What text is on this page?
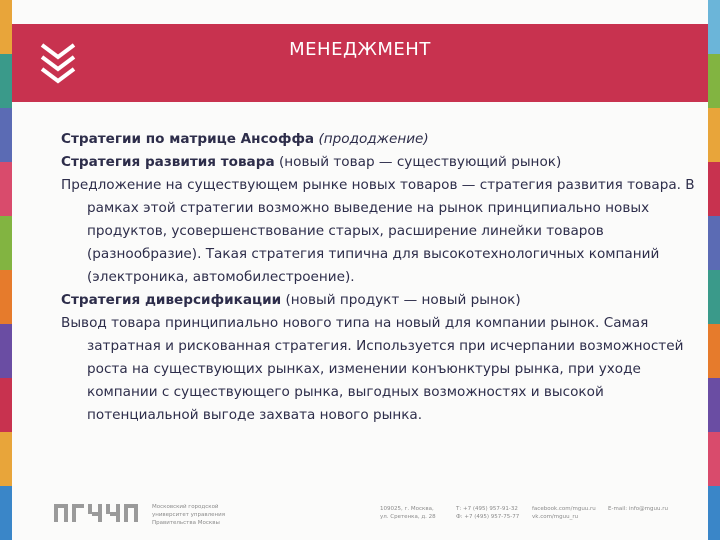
МЕНЕДЖМЕНТ

Стратегии по матрице Ансоффа (прододжение)

Стратегия развития товара (новый товар — существующий рынок)

Предложение на существующем рынке новых товаров — стратегия развития товара. В рамках этой стратегии возможно выведение на рынок принципиально новых продуктов, усовершенствование старых, расширение линейки товаров (разнообразие). Такая стратегия типична для высокотехнологичных компаний (электроника, автомобилестроение).

Стратегия диверсификации (новый продукт — новый рынок)

Вывод товара принципиально нового типа на новый для компании рынок. Самая затратная и рискованная стратегия. Используется при исчерпании возможностей роста на существующих рынках, изменении конъюнктуры рынка, при уходе компании с существующего рынка, выгодных возможностях и высокой потенциальной выгоде захвата нового рынка.

Московский городской
университет управления
Правительства Москвы
109025, г. Москва,
ул. Сретенка, д. 28
Т: +7 (495) 957-91-32
Ф: +7 (495) 957-75-77
facebook.com/mguu.ru
vk.com/mguu_ru
E-mail: info@mguu.ru
